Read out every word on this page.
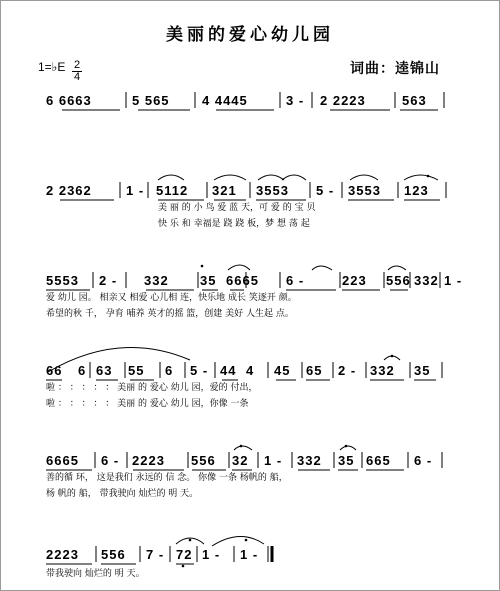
美丽的爱心幼儿园
1=♭E 2
4	词曲：逵锦山
6 6663	5 565 4 4445	3 - 2 2223	563
2 2362	1 - 5112 321 3553 5 - 3553 123
5553 2 - 332 35 6665 6 -	223 556 332 1 -
66 6 63 55 6 5 - 44 4 45 65 2 - 332 35
6665 6 - 2223 556 32 1 - 332 35 665 6 -
2223 556 7 - 72 1 - 1 -
美 丽 的 小 鸟 爱 蓝 天，可 爱 的 宝 贝
快 乐 和 幸福是 跷 跷 板，梦 想 荡 起
爱 幼儿 园。 相亲又 相爱 心儿相 连，快乐地 成长 笑逐开 颜。
希望的秋 千， 孕育 哺养 英才的摇 篮，创建 美好 人生起 点。
啦 ： ： ： ： ： 美丽 的 爱心 幼儿 园，爱的 付出，
啦 ： ： ： ： ： 美丽 的 爱心 幼儿 园，你像 一条
善的循 环， 这是我们 永远的 信 念。 你像 一条 杨帆的 船，
杨 帆的 船， 带我驶向 灿烂的 明 天。
带我驶向 灿烂的 明 天。
